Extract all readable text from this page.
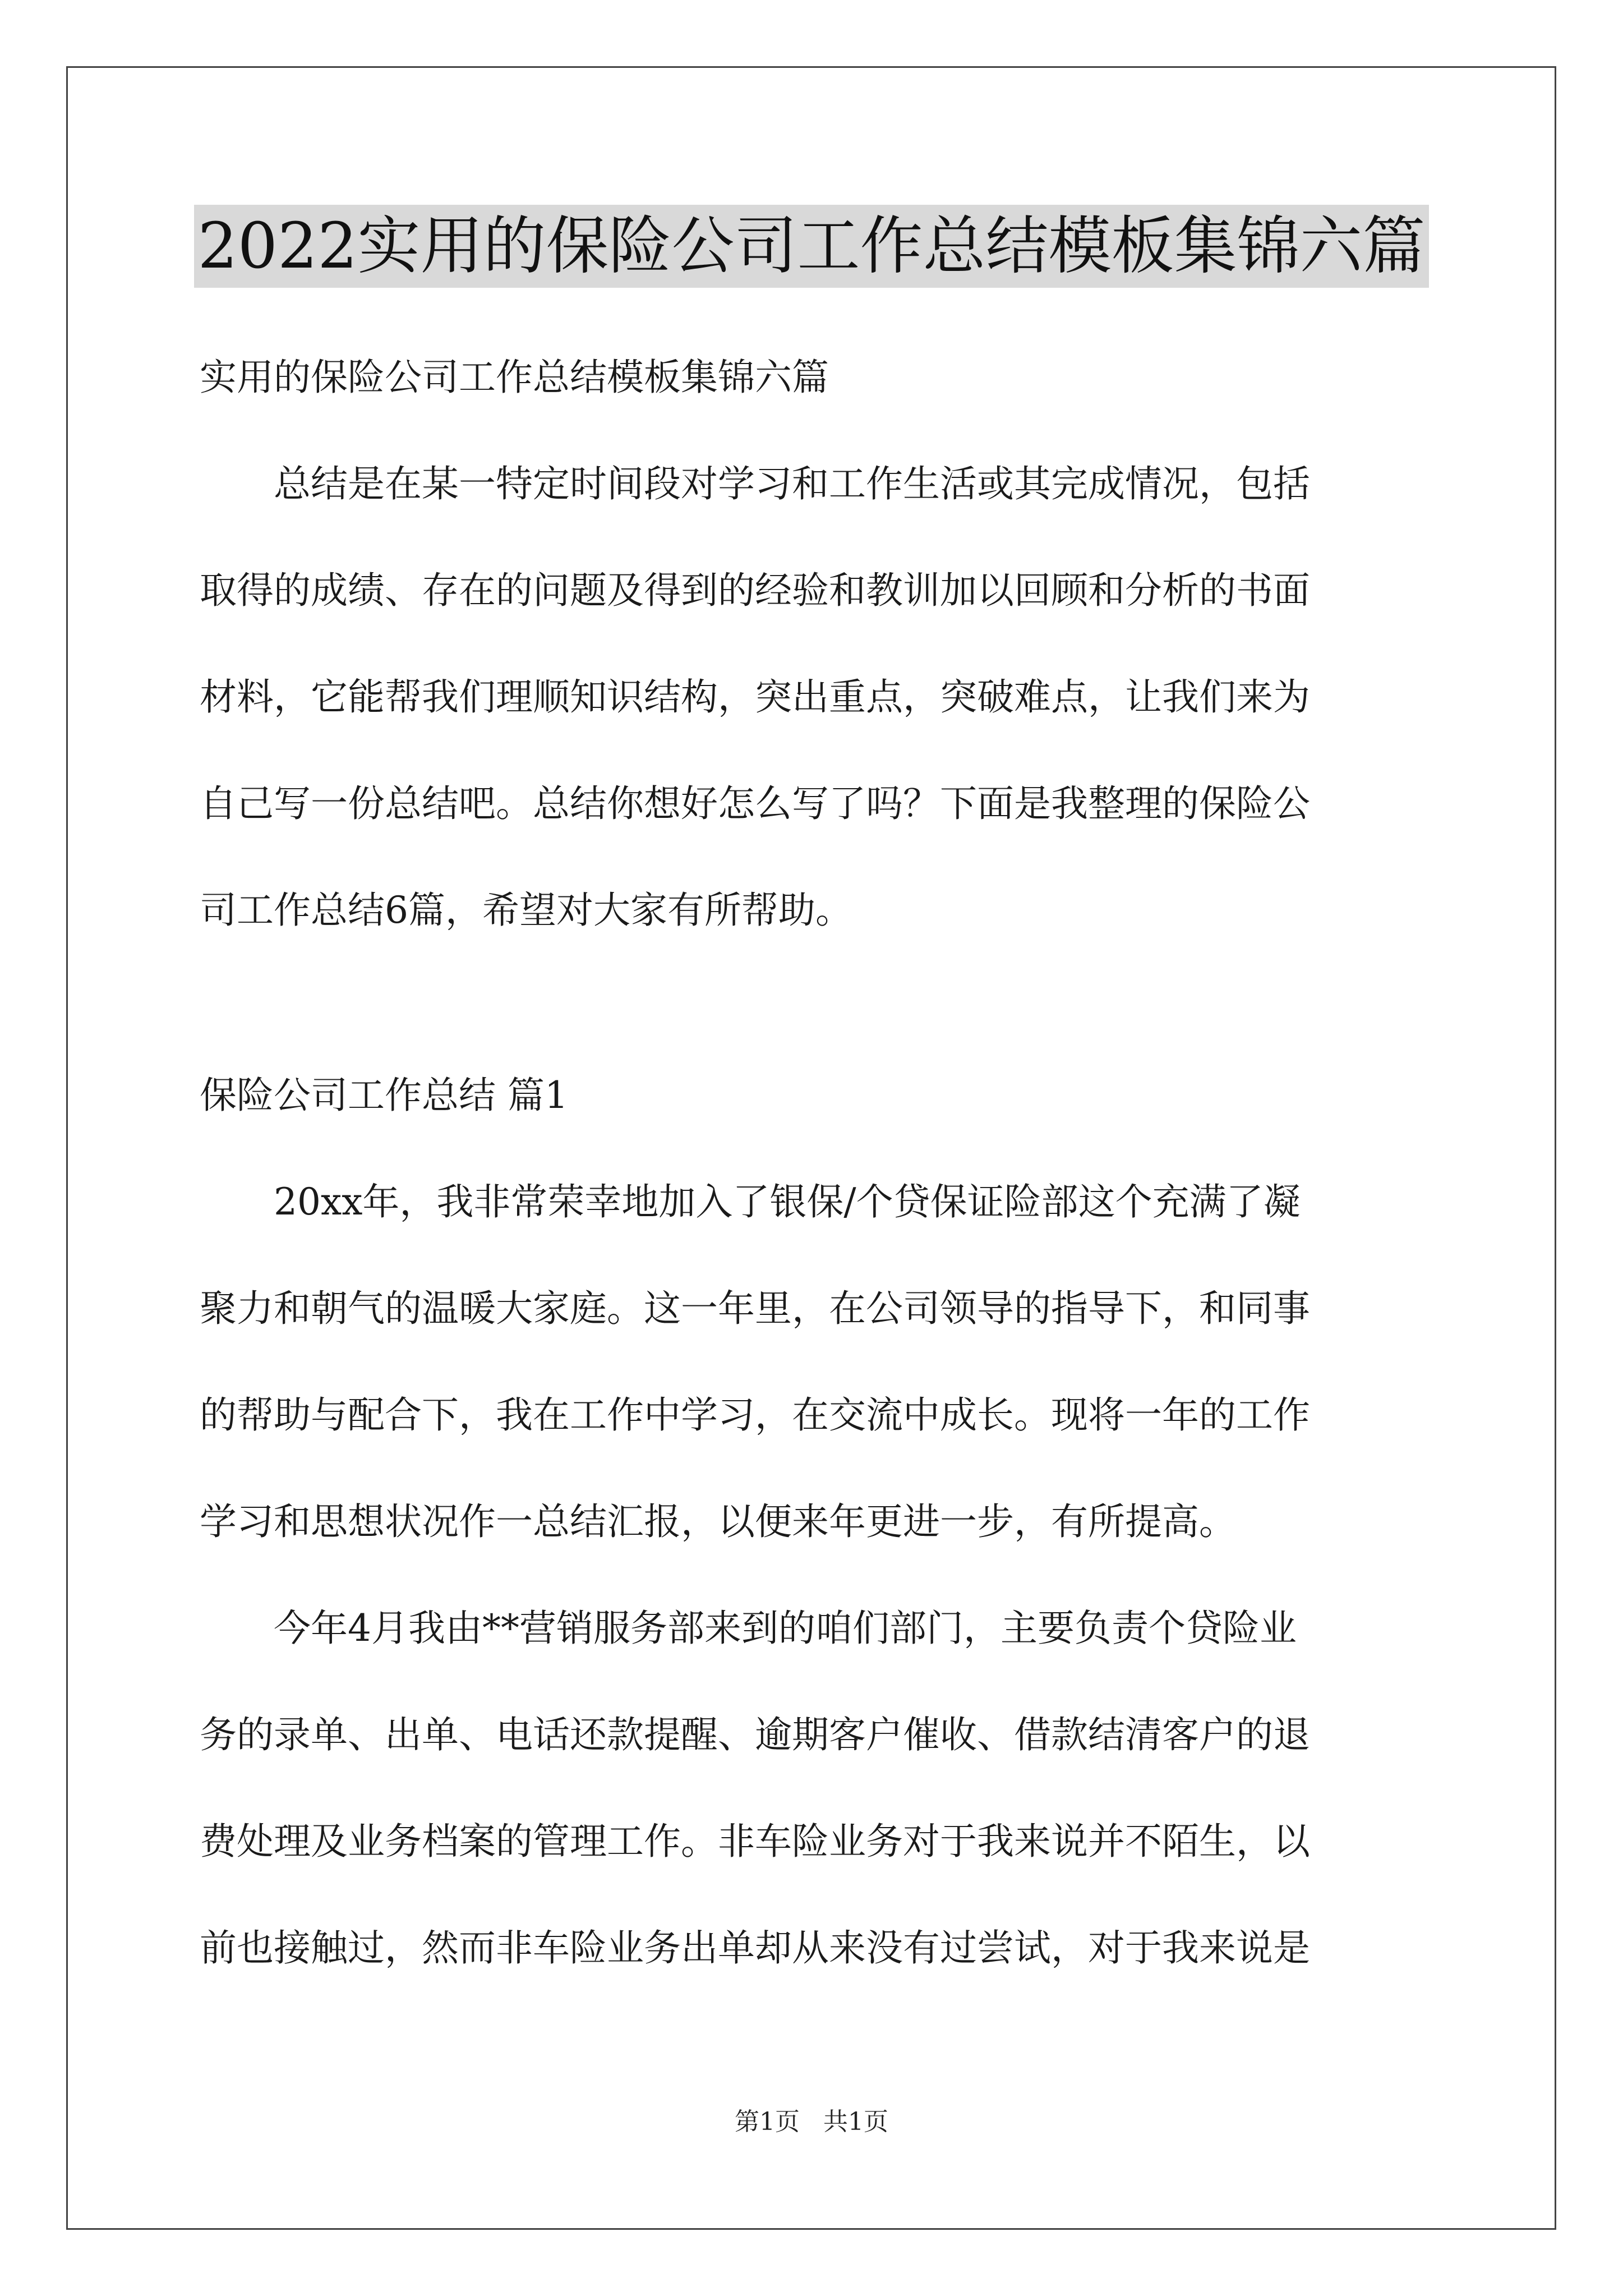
2022实用的保险公司工作总结模板集锦六篇
实用的保险公司工作总结模板集锦六篇
　　总结是在某一特定时间段对学习和工作生活或其完成情况，包括
取得的成绩、存在的问题及得到的经验和教训加以回顾和分析的书面
材料，它能帮我们理顺知识结构，突出重点，突破难点，让我们来为
自己写一份总结吧。总结你想好怎么写了吗？下面是我整理的保险公
司工作总结6篇，希望对大家有所帮助。
保险公司工作总结 篇1
　　20xx年，我非常荣幸地加入了银保/个贷保证险部这个充满了凝
聚力和朝气的温暖大家庭。这一年里，在公司领导的指导下，和同事
的帮助与配合下，我在工作中学习，在交流中成长。现将一年的工作
学习和思想状况作一总结汇报，以便来年更进一步，有所提高。
　　今年4月我由**营销服务部来到的咱们部门，主要负责个贷险业
务的录单、出单、电话还款提醒、逾期客户催收、借款结清客户的退
费处理及业务档案的管理工作。非车险业务对于我来说并不陌生，以
前也接触过，然而非车险业务出单却从来没有过尝试，对于我来说是
第1页   共1页
